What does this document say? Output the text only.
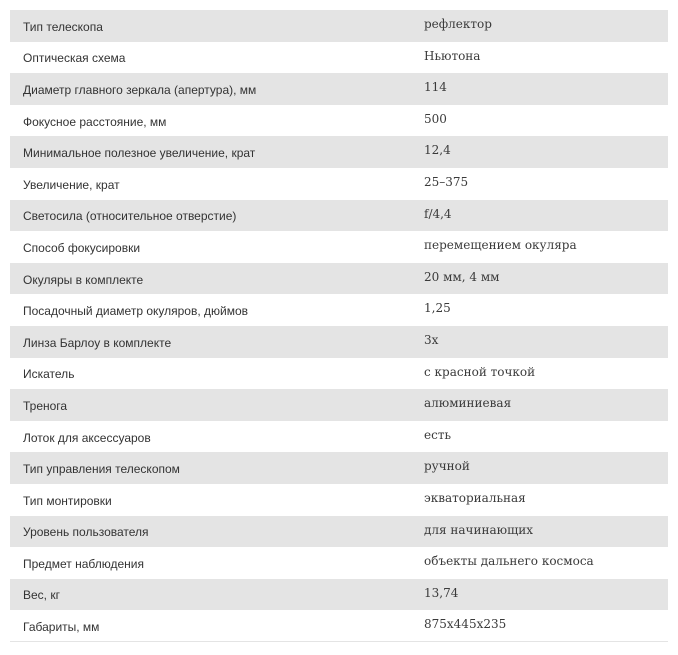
Тип телескопа	рефлектор
Оптическая схема	Ньютона
Диаметр главного зеркала (апертура), мм	114
Фокусное расстояние, мм	500
Минимальное полезное увеличение, крат	12,4
Увеличение, крат	25–375
Светосила (относительное отверстие)	f/4,4
Способ фокусировки	перемещением окуляра
Окуляры в комплекте	20 мм, 4 мм
Посадочный диаметр окуляров, дюймов	1,25
Линза Барлоу в комплекте	3х
Искатель	с красной точкой
Тренога	алюминиевая
Лоток для аксессуаров	есть
Тип управления телескопом	ручной
Тип монтировки	экваториальная
Уровень пользователя	для начинающих
Предмет наблюдения	объекты дальнего космоса
Вес, кг	13,74
Габариты, мм	875х445х235
